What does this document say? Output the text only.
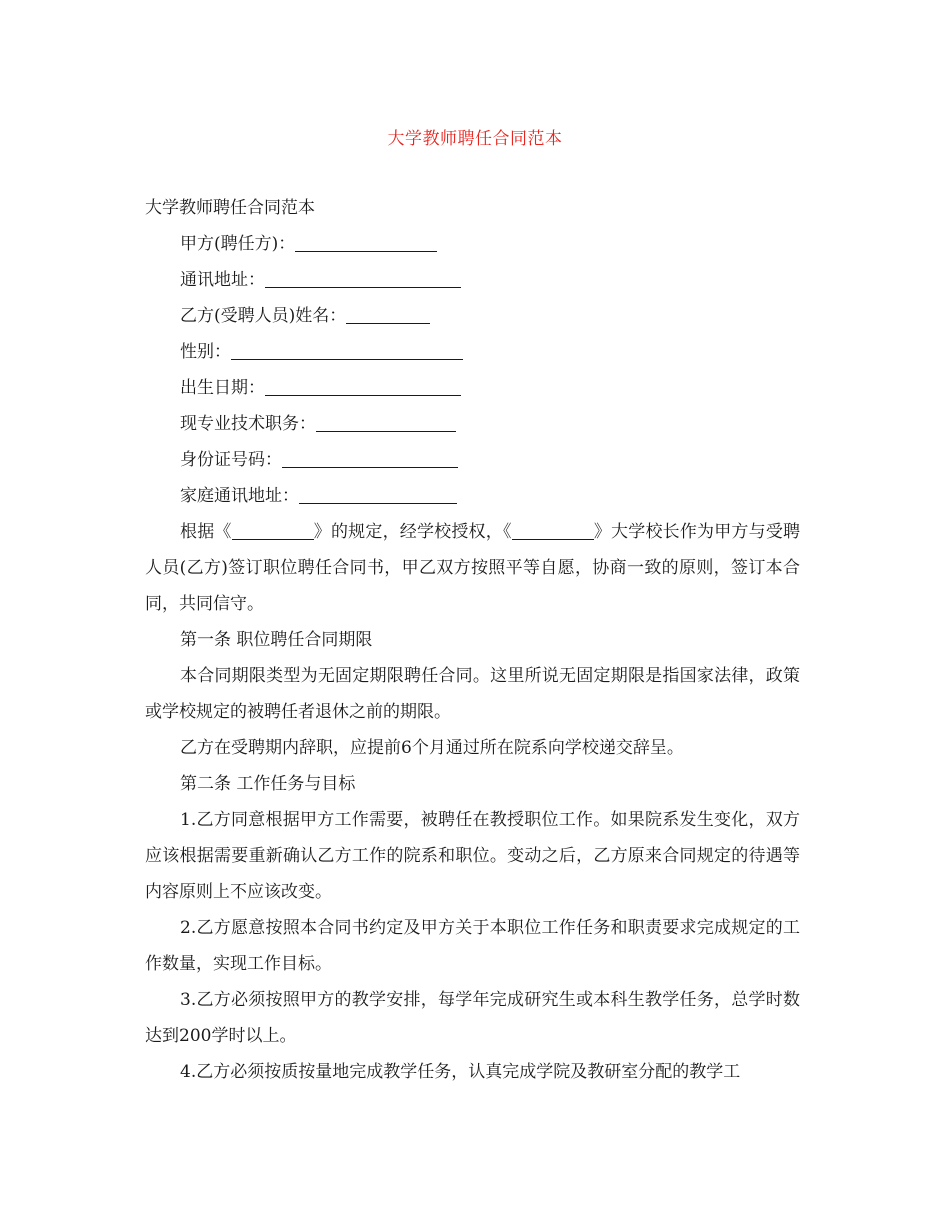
大学教师聘任合同范本

大学教师聘任合同范本

甲方(聘任方)：

通讯地址：

乙方(受聘人员)姓名：

性别：

出生日期：

现专业技术职务：

身份证号码：

家庭通讯地址：

根据《	》的规定，经学校授权，《	》大学校长作为甲方与受聘人员(乙方)签订职位聘任合同书，甲乙双方按照平等自愿，协商一致的原则，签订本合同，共同信守。

第一条 职位聘任合同期限

本合同期限类型为无固定期限聘任合同。这里所说无固定期限是指国家法律，政策或学校规定的被聘任者退休之前的期限。

乙方在受聘期内辞职，应提前6个月通过所在院系向学校递交辞呈。

第二条 工作任务与目标

1.乙方同意根据甲方工作需要，被聘任在教授职位工作。如果院系发生变化，双方应该根据需要重新确认乙方工作的院系和职位。变动之后，乙方原来合同规定的待遇等内容原则上不应该改变。

2.乙方愿意按照本合同书约定及甲方关于本职位工作任务和职责要求完成规定的工作数量，实现工作目标。

3.乙方必须按照甲方的教学安排，每学年完成研究生或本科生教学任务，总学时数达到200学时以上。

4.乙方必须按质按量地完成教学任务，认真完成学院及教研室分配的教学工
